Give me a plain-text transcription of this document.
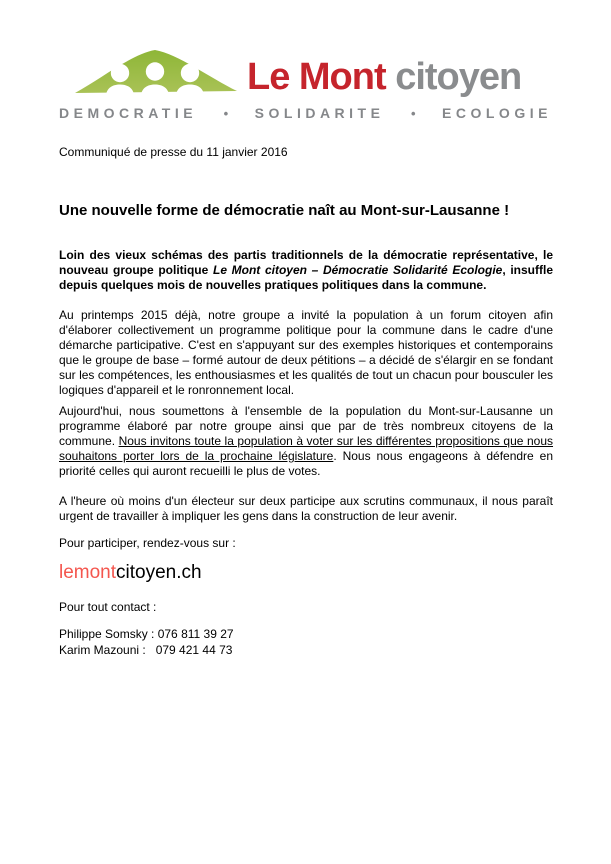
Le Mont citoyen
DEMOCRATIE • SOLIDARITE • ECOLOGIE

Communiqué de presse du 11 janvier 2016

Une nouvelle forme de démocratie naît au Mont-sur-Lausanne !

Loin des vieux schémas des partis traditionnels de la démocratie représentative, le nouveau groupe politique Le Mont citoyen – Démocratie Solidarité Ecologie, insuffle depuis quelques mois de nouvelles pratiques politiques dans la commune.

Au printemps 2015 déjà, notre groupe a invité la population à un forum citoyen afin d'élaborer collectivement un programme politique pour la commune dans le cadre d'une démarche participative. C'est en s'appuyant sur des exemples historiques et contemporains que le groupe de base – formé autour de deux pétitions – a décidé de s'élargir en se fondant sur les compétences, les enthousiasmes et les qualités de tout un chacun pour bousculer les logiques d'appareil et le ronronnement local.

Aujourd'hui, nous soumettons à l'ensemble de la population du Mont-sur-Lausanne un programme élaboré par notre groupe ainsi que par de très nombreux citoyens de la commune. Nous invitons toute la population à voter sur les différentes propositions que nous souhaitons porter lors de la prochaine législature. Nous nous engageons à défendre en priorité celles qui auront recueilli le plus de votes.

A l'heure où moins d'un électeur sur deux participe aux scrutins communaux, il nous paraît urgent de travailler à impliquer les gens dans la construction de leur avenir.

Pour participer, rendez-vous sur :

lemontcitoyen.ch

Pour tout contact :

Philippe Somsky : 076 811 39 27

Karim Mazouni :   079 421 44 73
